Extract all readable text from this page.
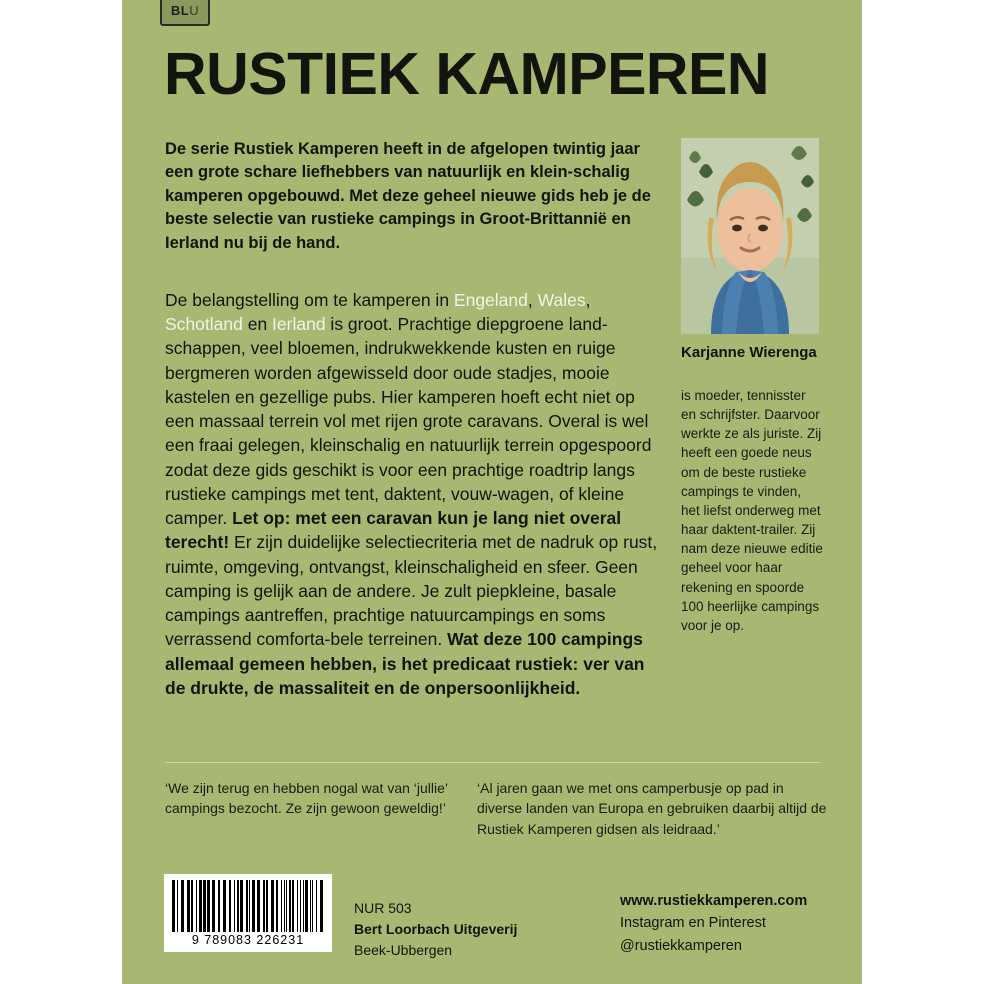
BLU
RUSTIEK KAMPEREN
De serie Rustiek Kamperen heeft in de afgelopen twintig jaar een grote schare liefhebbers van natuurlijk en klein-schalig kamperen opgebouwd. Met deze geheel nieuwe gids heb je de beste selectie van rustieke campings in Groot-Brittannië en Ierland nu bij de hand.
Karjanne Wierenga
is moeder, tennisster en schrijfster. Daarvoor werkte ze als juriste. Zij heeft een goede neus om de beste rustieke campings te vinden, het liefst onderweg met haar daktent-trailer. Zij nam deze nieuwe editie geheel voor haar rekening en spoorde 100 heerlijke campings voor je op.
De belangstelling om te kamperen in Engeland, Wales, Schotland en Ierland is groot. Prachtige diepgroene land-schappen, veel bloemen, indrukwekkende kusten en ruige bergmeren worden afgewisseld door oude stadjes, mooie kastelen en gezellige pubs. Hier kamperen hoeft echt niet op een massaal terrein vol met rijen grote caravans. Overal is wel een fraai gelegen, kleinschalig en natuurlijk terrein opgespoord zodat deze gids geschikt is voor een prachtige roadtrip langs rustieke campings met tent, daktent, vouw-wagen, of kleine camper. Let op: met een caravan kun je lang niet overal terecht! Er zijn duidelijke selectiecriteria met de nadruk op rust, ruimte, omgeving, ontvangst, kleinschaligheid en sfeer. Geen camping is gelijk aan de andere. Je zult piepkleine, basale campings aantreffen, prachtige natuurcampings en soms verrassend comforta-bele terreinen. Wat deze 100 campings allemaal gemeen hebben, is het predicaat rustiek: ver van de drukte, de massaliteit en de onpersoonlijkheid.
‘We zijn terug en hebben nogal wat van ‘jullie’ campings bezocht. Ze zijn gewoon geweldig!’
‘Al jaren gaan we met ons camperbusje op pad in diverse landen van Europa en gebruiken daarbij altijd de Rustiek Kamperen gidsen als leidraad.’
9 789083 226231
NUR 503
Bert Loorbach Uitgeverij
Beek-Ubbergen
www.rustiekkamperen.com
Instagram en Pinterest
@rustiekkamperen
